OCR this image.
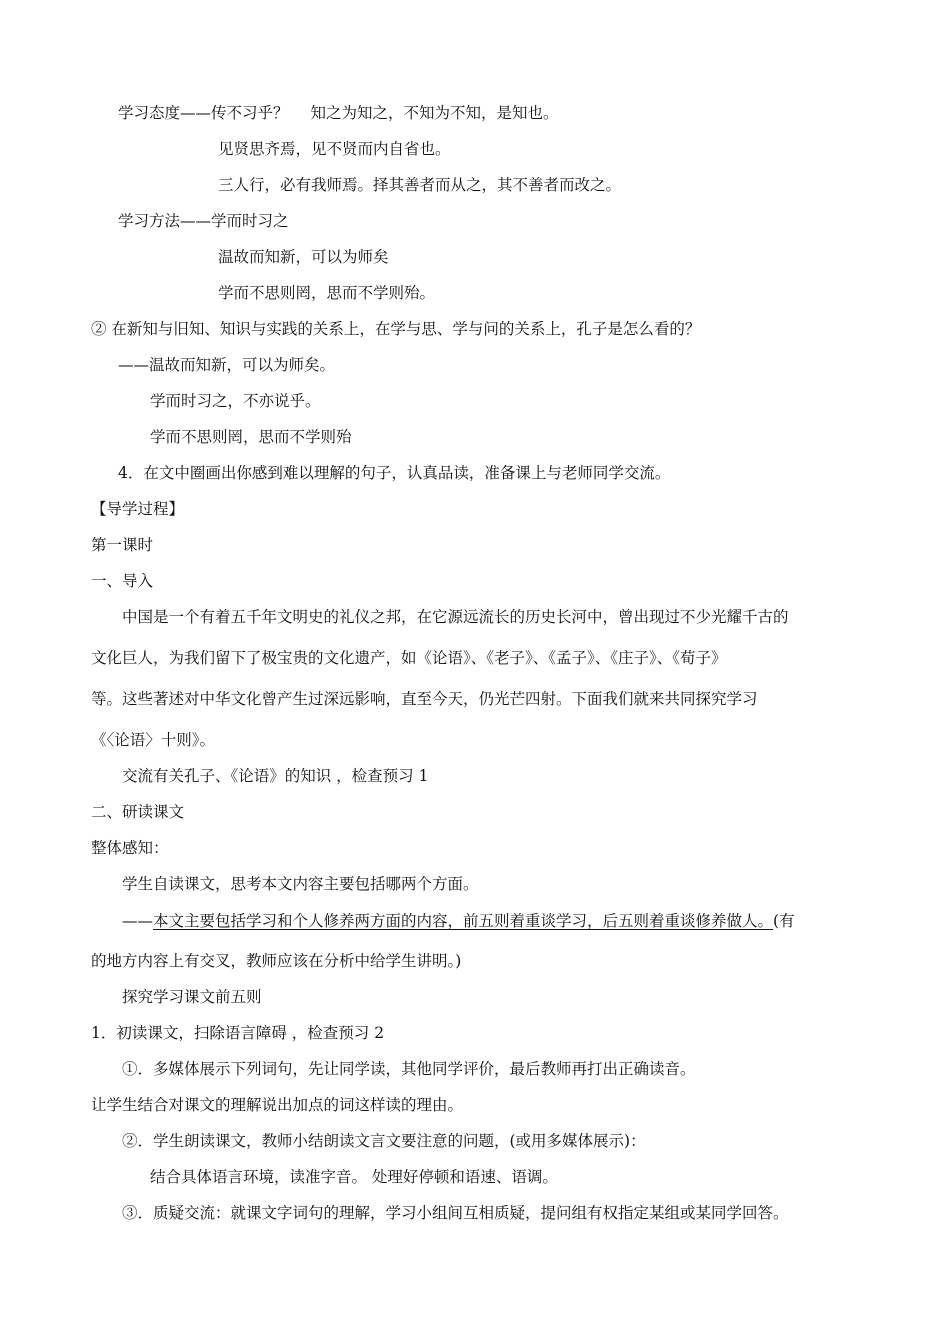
学习态度——传不习乎？ 知之为知之，不知为不知，是知也。
见贤思齐焉，见不贤而内自省也。
三人行，必有我师焉。择其善者而从之，其不善者而改之。
学习方法——学而时习之
温故而知新，可以为师矣
学而不思则罔，思而不学则殆。
② 在新知与旧知、知识与实践的关系上，在学与思、学与问的关系上，孔子是怎么看的？
——温故而知新，可以为师矣。
学而时习之，不亦说乎。
学而不思则罔，思而不学则殆
4．在文中圈画出你感到难以理解的句子，认真品读，准备课上与老师同学交流。
【导学过程】
第一课时
一、导入
中国是一个有着五千年文明史的礼仪之邦，在它源远流长的历史长河中，曾出现过不少光耀千古的
文化巨人，为我们留下了极宝贵的文化遗产，如《论语》、《老子》、《孟子》、《庄子》、《荀子》
等。这些著述对中华文化曾产生过深远影响，直至今天，仍光芒四射。下面我们就来共同探究学习
《〈论语〉十则》。
交流有关孔子、《论语》的知识 ，检查预习 1
二、研读课文
整体感知：
学生自读课文，思考本文内容主要包括哪两个方面。
——本文主要包括学习和个人修养两方面的内容，前五则着重谈学习，后五则着重谈修养做人。(有
的地方内容上有交叉，教师应该在分析中给学生讲明。)
探究学习课文前五则
1．初读课文，扫除语言障碍 ，检查预习 2
①．多媒体展示下列词句，先让同学读，其他同学评价，最后教师再打出正确读音。
让学生结合对课文的理解说出加点的词这样读的理由。
②．学生朗读课文，教师小结朗读文言文要注意的问题，(或用多媒体展示)：
结合具体语言环境，读准字音。 处理好停顿和语速、语调。
③．质疑交流：就课文字词句的理解，学习小组间互相质疑，提问组有权指定某组或某同学回答。
